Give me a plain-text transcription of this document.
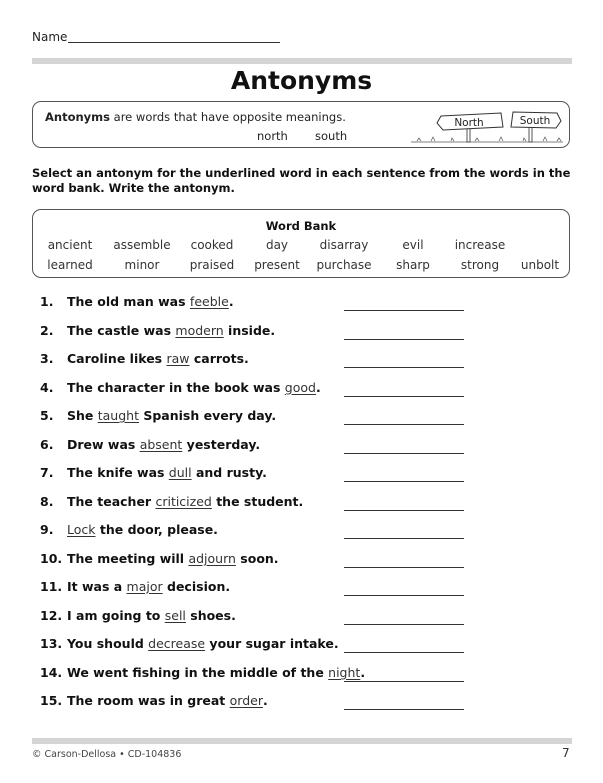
Name
Antonyms
Antonyms are words that have opposite meanings.
north south
North	South
Select an antonym for the underlined word in each sentence from the words in the word bank. Write the antonym.
Word Bank
ancient assemble cooked	day	disarray	evil	increase
learned	minor	praised present purchase sharp	strong unbolt
1. The old man was feeble.
2. The castle was modern inside.
3. Caroline likes raw carrots.
4. The character in the book was good.
5. She taught Spanish every day.
6. Drew was absent yesterday.
7. The knife was dull and rusty.
8. The teacher criticized the student.
9. Lock the door, please.
10. The meeting will adjourn soon.
11. It was a major decision.
12. I am going to sell shoes.
13. You should decrease your sugar intake.
14. We went fishing in the middle of the night.
15. The room was in great order.
© Carson-Dellosa • CD-104836	7
